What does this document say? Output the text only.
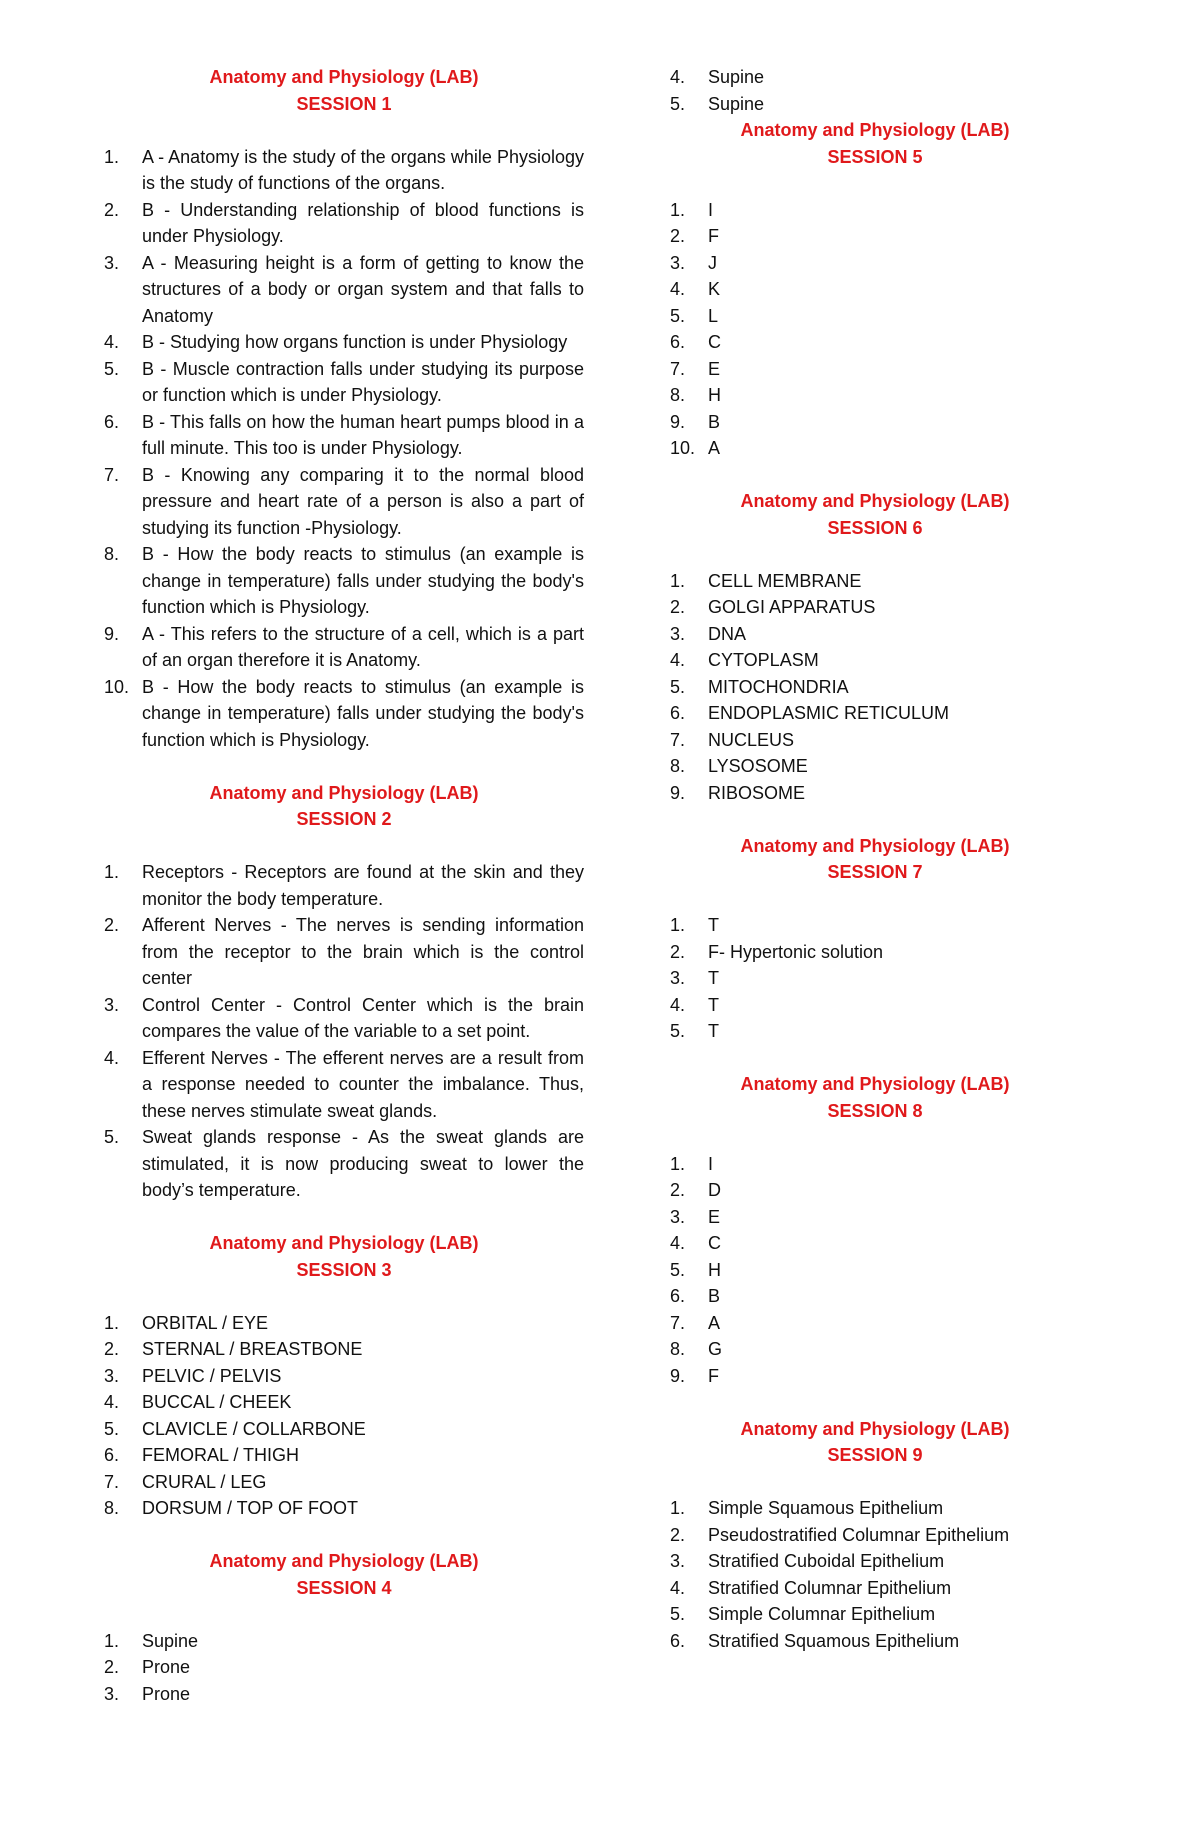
Anatomy and Physiology (LAB)
SESSION 1
1.	A - Anatomy is the study of the organs while Physiology is the study of functions of the organs.
2.	B - Understanding relationship of blood functions is under Physiology.
3.	A - Measuring height is a form of getting to know the structures of a body or organ system and that falls to Anatomy
4.	B - Studying how organs function is under Physiology
5.	B - Muscle contraction falls under studying its purpose or function which is under Physiology.
6.	B - This falls on how the human heart pumps blood in a full minute. This too is under Physiology.
7.	B - Knowing any comparing it to the normal blood pressure and heart rate of a person is also a part of studying its function -Physiology.
8.	B - How the body reacts to stimulus (an example is change in temperature) falls under studying the body's function which is Physiology.
9.	A - This refers to the structure of a cell, which is a part of an organ therefore it is Anatomy.
10. B - How the body reacts to stimulus (an example is change in temperature) falls under studying the body's function which is Physiology.
Anatomy and Physiology (LAB)
SESSION 2
1.	Receptors - Receptors are found at the skin and they monitor the body temperature.
2.	Afferent Nerves - The nerves is sending information from the receptor to the brain which is the control center
3.	Control Center - Control Center which is the brain compares the value of the variable to a set point.
4.	Efferent Nerves - The efferent nerves are a result from a response needed to counter the imbalance. Thus, these nerves stimulate sweat glands.
5.	Sweat glands response - As the sweat glands are stimulated, it is now producing sweat to lower the body’s temperature.
Anatomy and Physiology (LAB)
SESSION 3
1.	ORBITAL / EYE
2.	STERNAL / BREASTBONE
3.	PELVIC / PELVIS
4.	BUCCAL / CHEEK
5.	CLAVICLE / COLLARBONE
6.	FEMORAL / THIGH
7.	CRURAL / LEG
8.	DORSUM / TOP OF FOOT
Anatomy and Physiology (LAB)
SESSION 4
1.	Supine
2.	Prone
3.	Prone
4.	Supine
5.	Supine
Anatomy and Physiology (LAB)
SESSION 5
1.	I
2.	F
3.	J
4.	K
5.	L
6.	C
7.	E
8.	H
9.	B
10. A
Anatomy and Physiology (LAB)
SESSION 6
1.	CELL MEMBRANE
2.	GOLGI APPARATUS
3.	DNA
4.	CYTOPLASM
5.	MITOCHONDRIA
6.	ENDOPLASMIC RETICULUM
7.	NUCLEUS
8.	LYSOSOME
9.	RIBOSOME
Anatomy and Physiology (LAB)
SESSION 7
1.	T
2.	F- Hypertonic solution
3.	T
4.	T
5.	T
Anatomy and Physiology (LAB)
SESSION 8
1.	I
2.	D
3.	E
4.	C
5.	H
6.	B
7.	A
8.	G
9.	F
Anatomy and Physiology (LAB)
SESSION 9
1.	Simple Squamous Epithelium
2.	Pseudostratified Columnar Epithelium
3.	Stratified Cuboidal Epithelium
4.	Stratified Columnar Epithelium
5.	Simple Columnar Epithelium
6.	Stratified Squamous Epithelium
